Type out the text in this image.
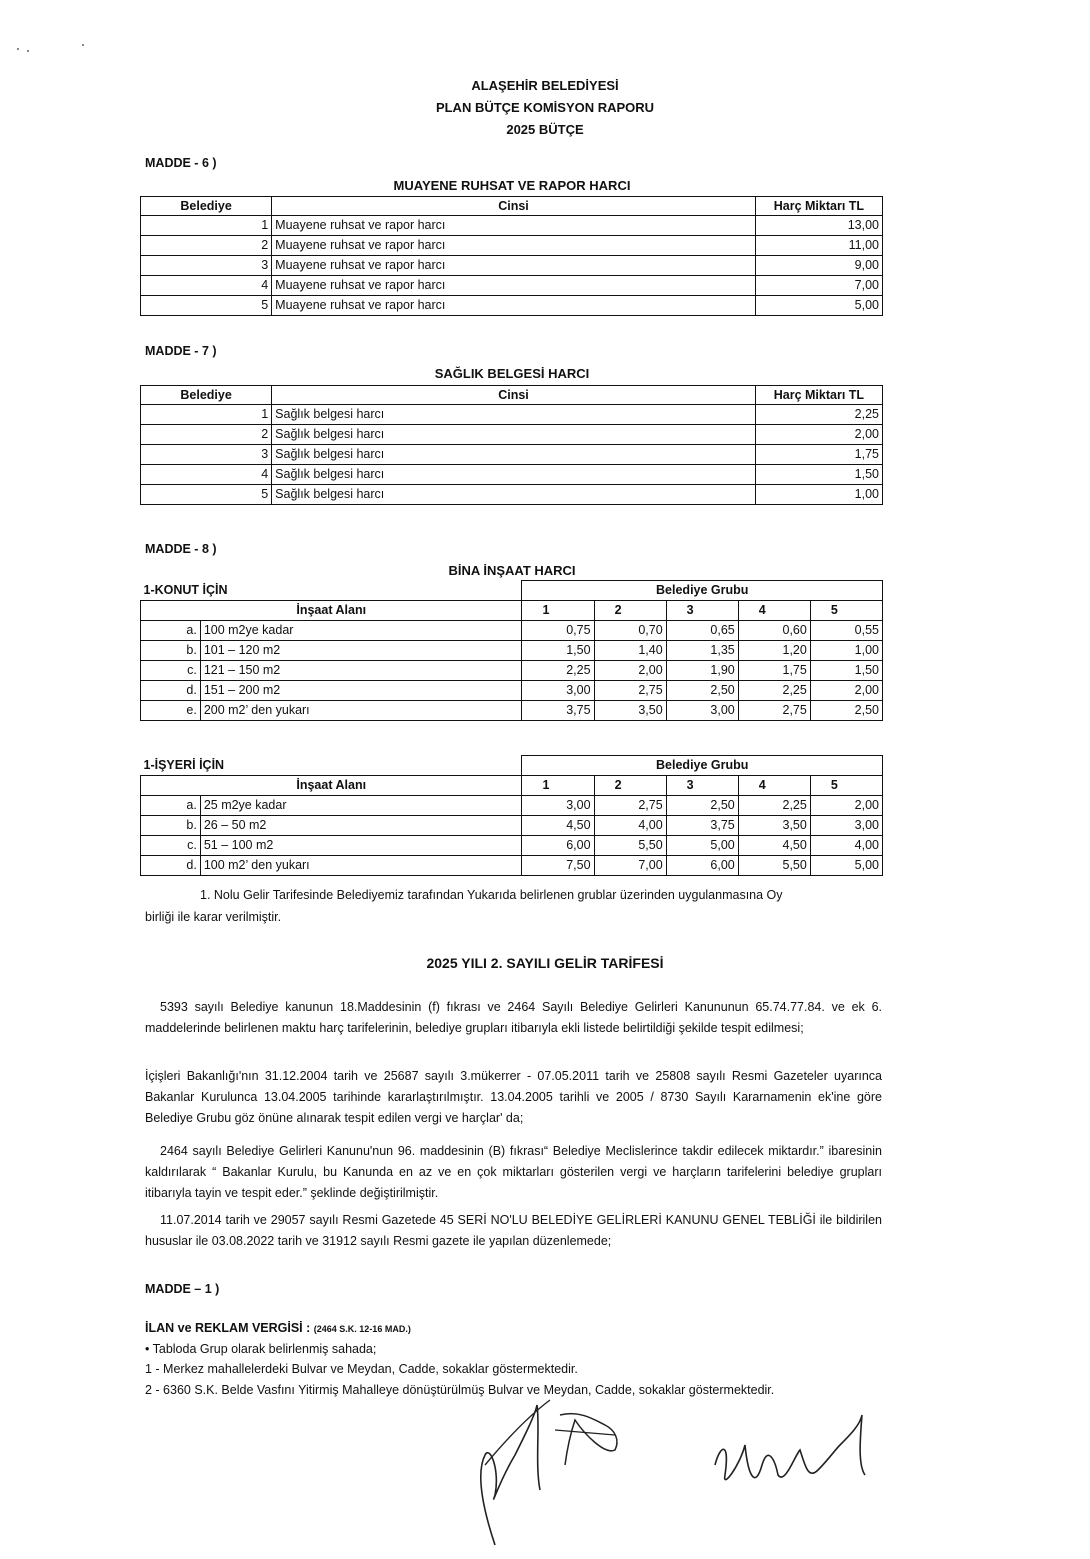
ALAŞEHİR BELEDİYESİ
PLAN BÜTÇE KOMİSYON RAPORU
2025 BÜTÇE
MADDE - 6 )
MUAYENE RUHSAT VE RAPOR HARCI
Belediye	Cinsi	Harç Miktarı TL
1	Muayene ruhsat ve rapor harcı	13,00
2	Muayene ruhsat ve rapor harcı	11,00
3	Muayene ruhsat ve rapor harcı	9,00
4	Muayene ruhsat ve rapor harcı	7,00
5	Muayene ruhsat ve rapor harcı	5,00
MADDE - 7 )
SAĞLIK BELGESİ HARCI
Belediye	Cinsi	Harç Miktarı TL
1	Sağlık belgesi harcı	2,25
2	Sağlık belgesi harcı	2,00
3	Sağlık belgesi harcı	1,75
4	Sağlık belgesi harcı	1,50
5	Sağlık belgesi harcı	1,00
MADDE - 8 )
BİNA İNŞAAT HARCI
1-KONUT İÇİN		Belediye Grubu				
İnşaat Alanı		1	2	3	4	5
a.	100 m2ye kadar	0,75	0,70	0,65	0,60	0,55
b.	101 – 120 m2	1,50	1,40	1,35	1,20	1,00
c.	121 – 150 m2	2,25	2,00	1,90	1,75	1,50
d.	151 – 200 m2	3,00	2,75	2,50	2,25	2,00
e.	200 m2’ den yukarı	3,75	3,50	3,00	2,75	2,50
1-İŞYERİ İÇİN		Belediye Grubu				
İnşaat Alanı		1	2	3	4	5
a.	25 m2ye kadar	3,00	2,75	2,50	2,25	2,00
b.	26 – 50 m2	4,50	4,00	3,75	3,50	3,00
c.	51 – 100 m2	6,00	5,50	5,00	4,50	4,00
d.	100 m2’ den yukarı	7,50	7,00	6,00	5,50	5,00
1. Nolu Gelir Tarifesinde Belediyemiz tarafından Yukarıda belirlenen grublar üzerinden uygulanmasına Oy
birliği ile karar verilmiştir.
2025 YILI 2. SAYILI GELİR TARİFESİ
5393 sayılı Belediye kanunun 18.Maddesinin (f) fıkrası ve 2464 Sayılı Belediye Gelirleri Kanununun 65.74.77.84. ve ek 6. maddelerinde belirlenen maktu harç tarifelerinin, belediye grupları itibarıyla ekli listede belirtildiği şekilde tespit edilmesi;
İçişleri Bakanlığı'nın 31.12.2004 tarih ve 25687 sayılı 3.mükerrer - 07.05.2011 tarih ve 25808 sayılı Resmi Gazeteler uyarınca Bakanlar Kurulunca 13.04.2005 tarihinde kararlaştırılmıştır. 13.04.2005 tarihli ve 2005 / 8730 Sayılı Kararnamenin ek'ine göre Belediye Grubu göz önüne alınarak tespit edilen vergi ve harçlar' da;
2464 sayılı Belediye Gelirleri Kanunu'nun 96. maddesinin (B) fıkrası“ Belediye Meclislerince takdir edilecek miktardır.” ibaresinin kaldırılarak “ Bakanlar Kurulu, bu Kanunda en az ve en çok miktarları gösterilen vergi ve harçların tarifelerini belediye grupları itibarıyla tayin ve tespit eder.” şeklinde değiştirilmiştir.
11.07.2014 tarih ve 29057 sayılı Resmi Gazetede 45 SERİ NO'LU BELEDİYE GELİRLERİ KANUNU GENEL TEBLİĞİ ile bildirilen hususlar ile 03.08.2022 tarih ve 31912 sayılı Resmi gazete ile yapılan düzenlemede;
MADDE – 1 )
İLAN ve REKLAM VERGİSİ : (2464 S.K. 12-16 MAD.)
• Tabloda Grup olarak belirlenmiş sahada;
1 - Merkez mahallelerdeki Bulvar ve Meydan, Cadde, sokaklar göstermektedir.
2 - 6360 S.K. Belde Vasfını Yitirmiş Mahalleye dönüştürülmüş Bulvar ve Meydan, Cadde, sokaklar göstermektedir.
